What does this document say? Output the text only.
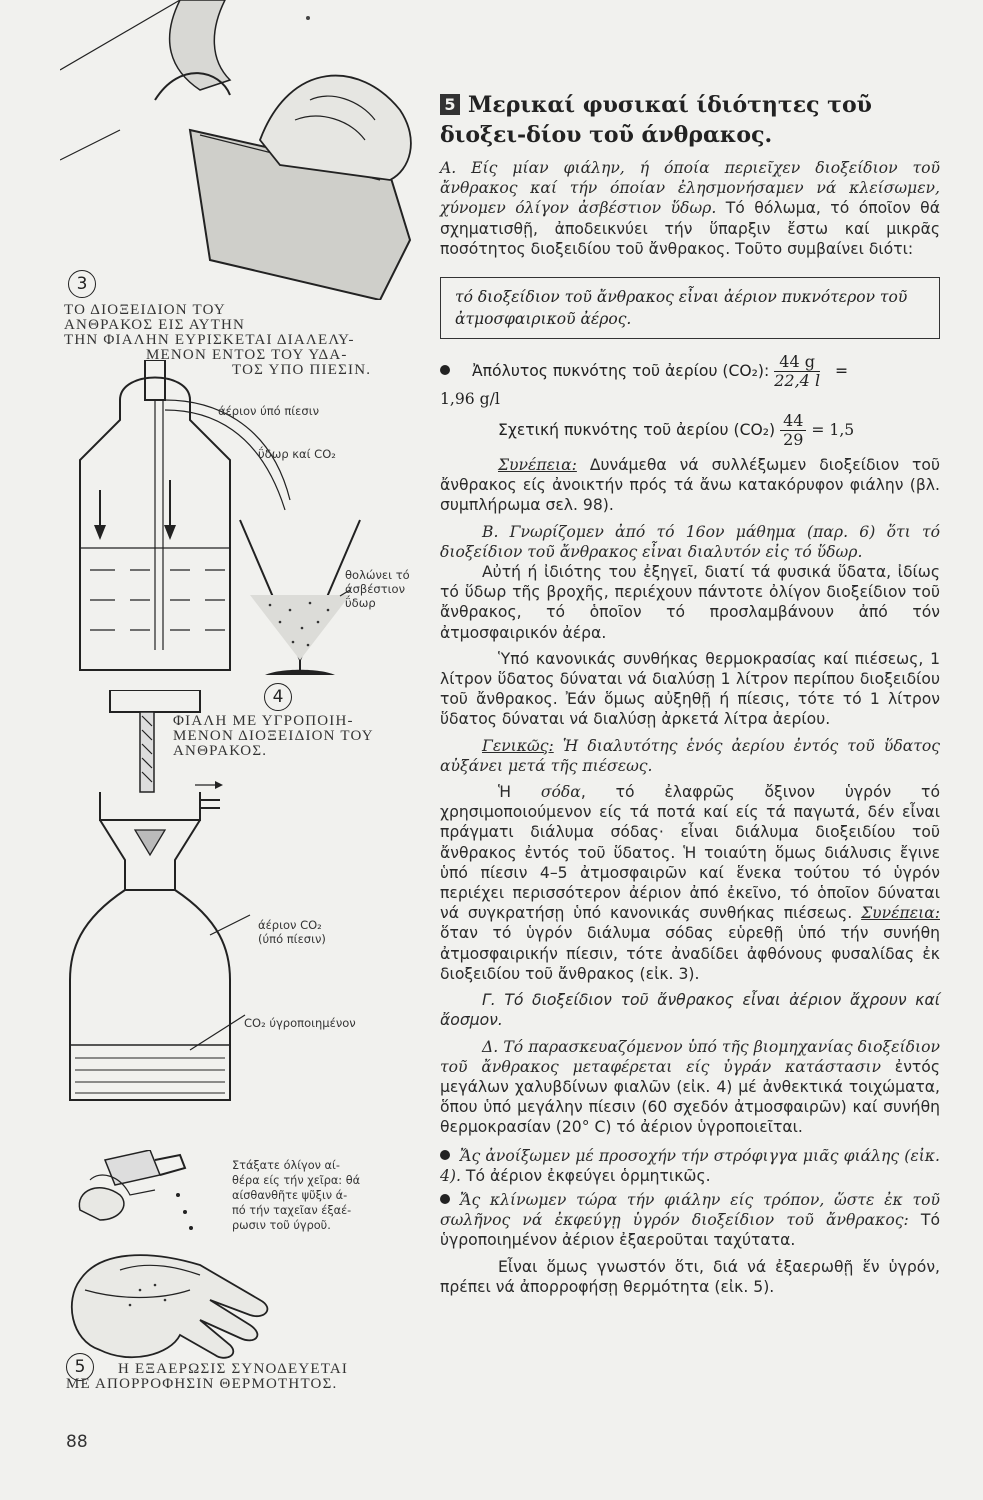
3
ΤΟ ΔΙΟΞΕΙΔΙΟΝ ΤΟΥ
ΑΝΘΡΑΚΟΣ ΕΙΣ ΑΥΤΗΝ
ΤΗΝ ΦΙΑΛΗΝ ΕΥΡΙΣΚΕΤΑΙ ΔΙΑΛΕΛΥ-
ΜΕΝΟΝ ΕΝΤΟΣ ΤΟΥ ΥΔΑ-
ΤΟΣ ΥΠΟ ΠΙΕΣΙΝ.
άέριον ύπό πίεσιν
ΰδωρ καί CO₂
θολώνει τό
άσβέστιον
ΰδωρ
4
ΦΙΑΛΗ ΜΕ ΥΓΡΟΠΟΙΗ-
ΜΕΝΟΝ ΔΙΟΞΕΙΔΙΟΝ ΤΟΥ
ΑΝΘΡΑΚΟΣ.
άέριον CO₂
(ύπό πίεσιν)
CO₂ ύγροποιημένον
Στάξατε όλίγον αί-
θέρα είς τήν χεῖρα: θά
αίσθανθῆτε ψῦξιν ά-
πό τήν ταχεῖαν έξαέ-
ρωσιν τοῦ ύγροῦ.
5	Η ΕΞΑΕΡΩΣΙΣ ΣΥΝΟΔΕΥΕΤΑΙ
ΜΕ ΑΠΟΡΡΟΦΗΣΙΝ ΘΕΡΜΟΤΗΤΟΣ.
88
5 Μερικαί φυσικαί ίδιότητες τοῦ διοξει-δίου τοῦ άνθρακος.

Α. Είς μίαν φιάλην, ή όποία περιεῖχεν διοξείδιον τοῦ ἄνθρακος καί τήν όποίαν ἐλησμονήσαμεν νά κλείσωμεν, χύνομεν όλίγον ἀσβέστιον ὕδωρ. Τό θόλωμα, τό όποῖον θά σχηματισθῇ, ἀποδεικνύει τήν ὕπαρξιν ἔστω καί μικρᾶς ποσότητος διοξειδίου τοῦ ἄνθρακος. Τοῦτο συμβαίνει διότι:

τό διοξείδιον τοῦ ἄνθρακος εἶναι ἀέριον πυκνότερον τοῦ ἀτμοσφαιρικοῦ ἀέρος.
Ἀπόλυτος πυκνότης τοῦ ἀερίου (CO₂): $\frac{44 g}{22,4 l}$ =
1,96 g/l
Σχετική πυκνότης τοῦ ἀερίου $(CO_2) \frac{44}{29} = 1,5$

Συνέπεια: Δυνάμεθα νά συλλέξωμεν διοξείδιον τοῦ ἄνθρακος είς ἀνοικτήν πρός τά ἄνω κατακόρυφον φιάλην (βλ. συμπλήρωμα σελ. 98).

Β. Γνωρίζομεν ἀπό τό 16ον μάθημα (παρ. 6) ὅτι τό διοξείδιον τοῦ ἄνθρακος εἶναι διαλυτόν εἰς τό ὕδωρ.

Αὐτή ή ἰδιότης του ἐξηγεῖ, διατί τά φυσικά ὕδατα, ἰδίως τό ὕδωρ τῆς βροχῆς, περιέχουν πάντοτε ὀλίγον διοξείδιον τοῦ ἄνθρακος, τό ὁποῖον τό προσλαμβάνουν ἀπό τόν ἀτμοσφαιρικόν ἀέρα.

Ὑπό κανονικάς συνθήκας θερμοκρασίας καί πιέσεως, 1 λίτρον ὕδατος δύναται νά διαλύσῃ 1 λίτρον περίπου διοξειδίου τοῦ ἄνθρακος. Ἐάν ὅμως αὐξηθῇ ή πίεσις, τότε τό 1 λίτρον ὕδατος δύναται νά διαλύσῃ ἀρκετά λίτρα ἀερίου.

Γενικῶς: Ἡ διαλυτότης ἑνός ἀερίου ἐντός τοῦ ὕδατος αὐξάνει μετά τῆς πιέσεως.

Ἡ σόδα, τό ἐλαφρῶς ὄξινον ὑγρόν τό χρησιμοποιούμενον είς τά ποτά καί είς τά παγωτά, δέν εἶναι πράγματι διάλυμα σόδας· εἶναι διάλυμα διοξειδίου τοῦ ἄνθρακος ἐντός τοῦ ὕδατος. Ἡ τοιαύτη ὅμως διάλυσις ἔγινε ὑπό πίεσιν 4–5 ἀτμοσφαιρῶν καί ἕνεκα τούτου τό ὑγρόν περιέχει περισσότερον ἀέριον ἀπό ἐκεῖνο, τό ὁποῖον δύναται νά συγκρατήσῃ ὑπό κανονικάς συνθήκας πιέσεως. Συνέπεια: ὅταν τό ὑγρόν διάλυμα σόδας εὑρεθῇ ὑπό τήν συνήθη ἀτμοσφαιρικήν πίεσιν, τότε ἀναδίδει ἀφθόνους φυσαλίδας ἐκ διοξειδίου τοῦ ἄνθρακος (εἰκ. 3).

Γ. Τό διοξείδιον τοῦ ἄνθρακος εἶναι ἀέριον ἄχρουν καί ἄοσμον.

Δ. Τό παρασκευαζόμενον ὑπό τῆς βιομηχανίας διοξείδιον τοῦ ἄνθρακος μεταφέρεται είς ὑγράν κατάστασιν ἐντός μεγάλων χαλυβδίνων φιαλῶν (εἰκ. 4) μέ ἀνθεκτικά τοιχώματα, ὅπου ὑπό μεγάλην πίεσιν (60 σχεδόν ἀτμοσφαιρῶν) καί συνήθη θερμοκρασίαν (20° C) τό ἀέριον ὑγροποιεῖται.

Ἄς ἀνοίξωμεν μέ προσοχήν τήν στρόφιγγα μιᾶς φιάλης (εἰκ. 4). Τό ἀέριον ἐκφεύγει ὁρμητικῶς.

Ἄς κλίνωμεν τώρα τήν φιάλην είς τρόπον, ὥστε ἐκ τοῦ σωλῆνος νά ἐκφεύγῃ ὑγρόν διοξείδιον τοῦ ἄνθρακος: Τό ὑγροποιημένον ἀέριον ἐξαεροῦται ταχύτατα.

Εἶναι ὅμως γνωστόν ὅτι, διά νά ἐξαερωθῇ ἕν ὑγρόν, πρέπει νά ἀπορροφήσῃ θερμότητα (εἰκ. 5).
